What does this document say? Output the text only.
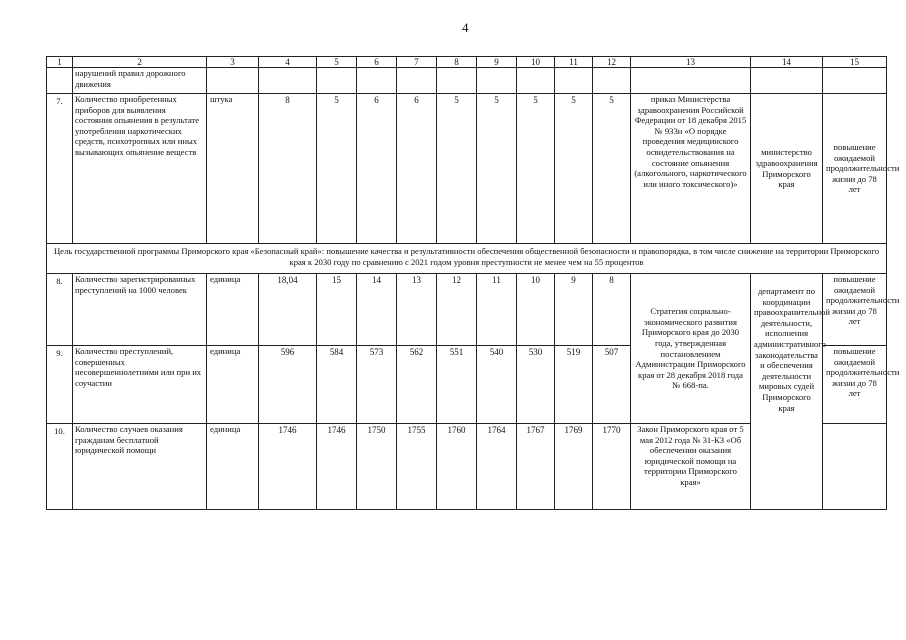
4
1	2	3	4	5	6	7	8	9	10	11	12	13	14	15
	нарушений правил дорожного движения													
7.	Количество приобретенных приборов для выявления состояния опьянения в результате употребления наркотических средств, психотропных или иных вызывающих опьянение веществ	штука	8	5	6	6	5	5	5	5	5	приказ Министерства здравоохранения Российской Федерации от 18 декабря 2015 № 933н «О порядке проведения медицинского освидетельствования на состояние опьянения (алкогольного, наркотического или иного токсического)»	министерство здравоохранения Приморского края	повышение ожидаемой продолжительности жизни до 78 лет
Цель государственной программы Приморского края «Безопасный край»: повышение качества и результативности обеспечения общественной безопасности и правопорядка, в том числе снижение на территории Приморского края к 2030 году по сравнению с 2021 годом уровня преступности не менее чем на 55 процентов														
8.	Количество зарегистрированных преступлений на 1000 человек	единица	18,04	15	14	13	12	11	10	9	8	Стратегия социально-экономического развития Приморского края до 2030 года, утвержденная постановлением Администрации Приморского края от 28 декабря 2018 года № 668-па.	департамент по координации правоохранительной деятельности, исполнения административного законодательства и обеспечения деятельности мировых судей Приморского края	повышение ожидаемой продолжительности жизни до 78 лет
9.	Количество преступлений, совершенных несовершеннолетними или при их соучастии	единица	596	584	573	562	551	540	530	519	507			повышение ожидаемой продолжительности жизни до 78 лет
10.	Количество случаев оказания гражданам бесплатной юридической помощи	единица	1746	1746	1750	1755	1760	1764	1767	1769	1770	Закон Приморского края от 5 мая 2012 года № 31-КЗ «Об обеспечении оказания юридической помощи на территории Приморского края»		
